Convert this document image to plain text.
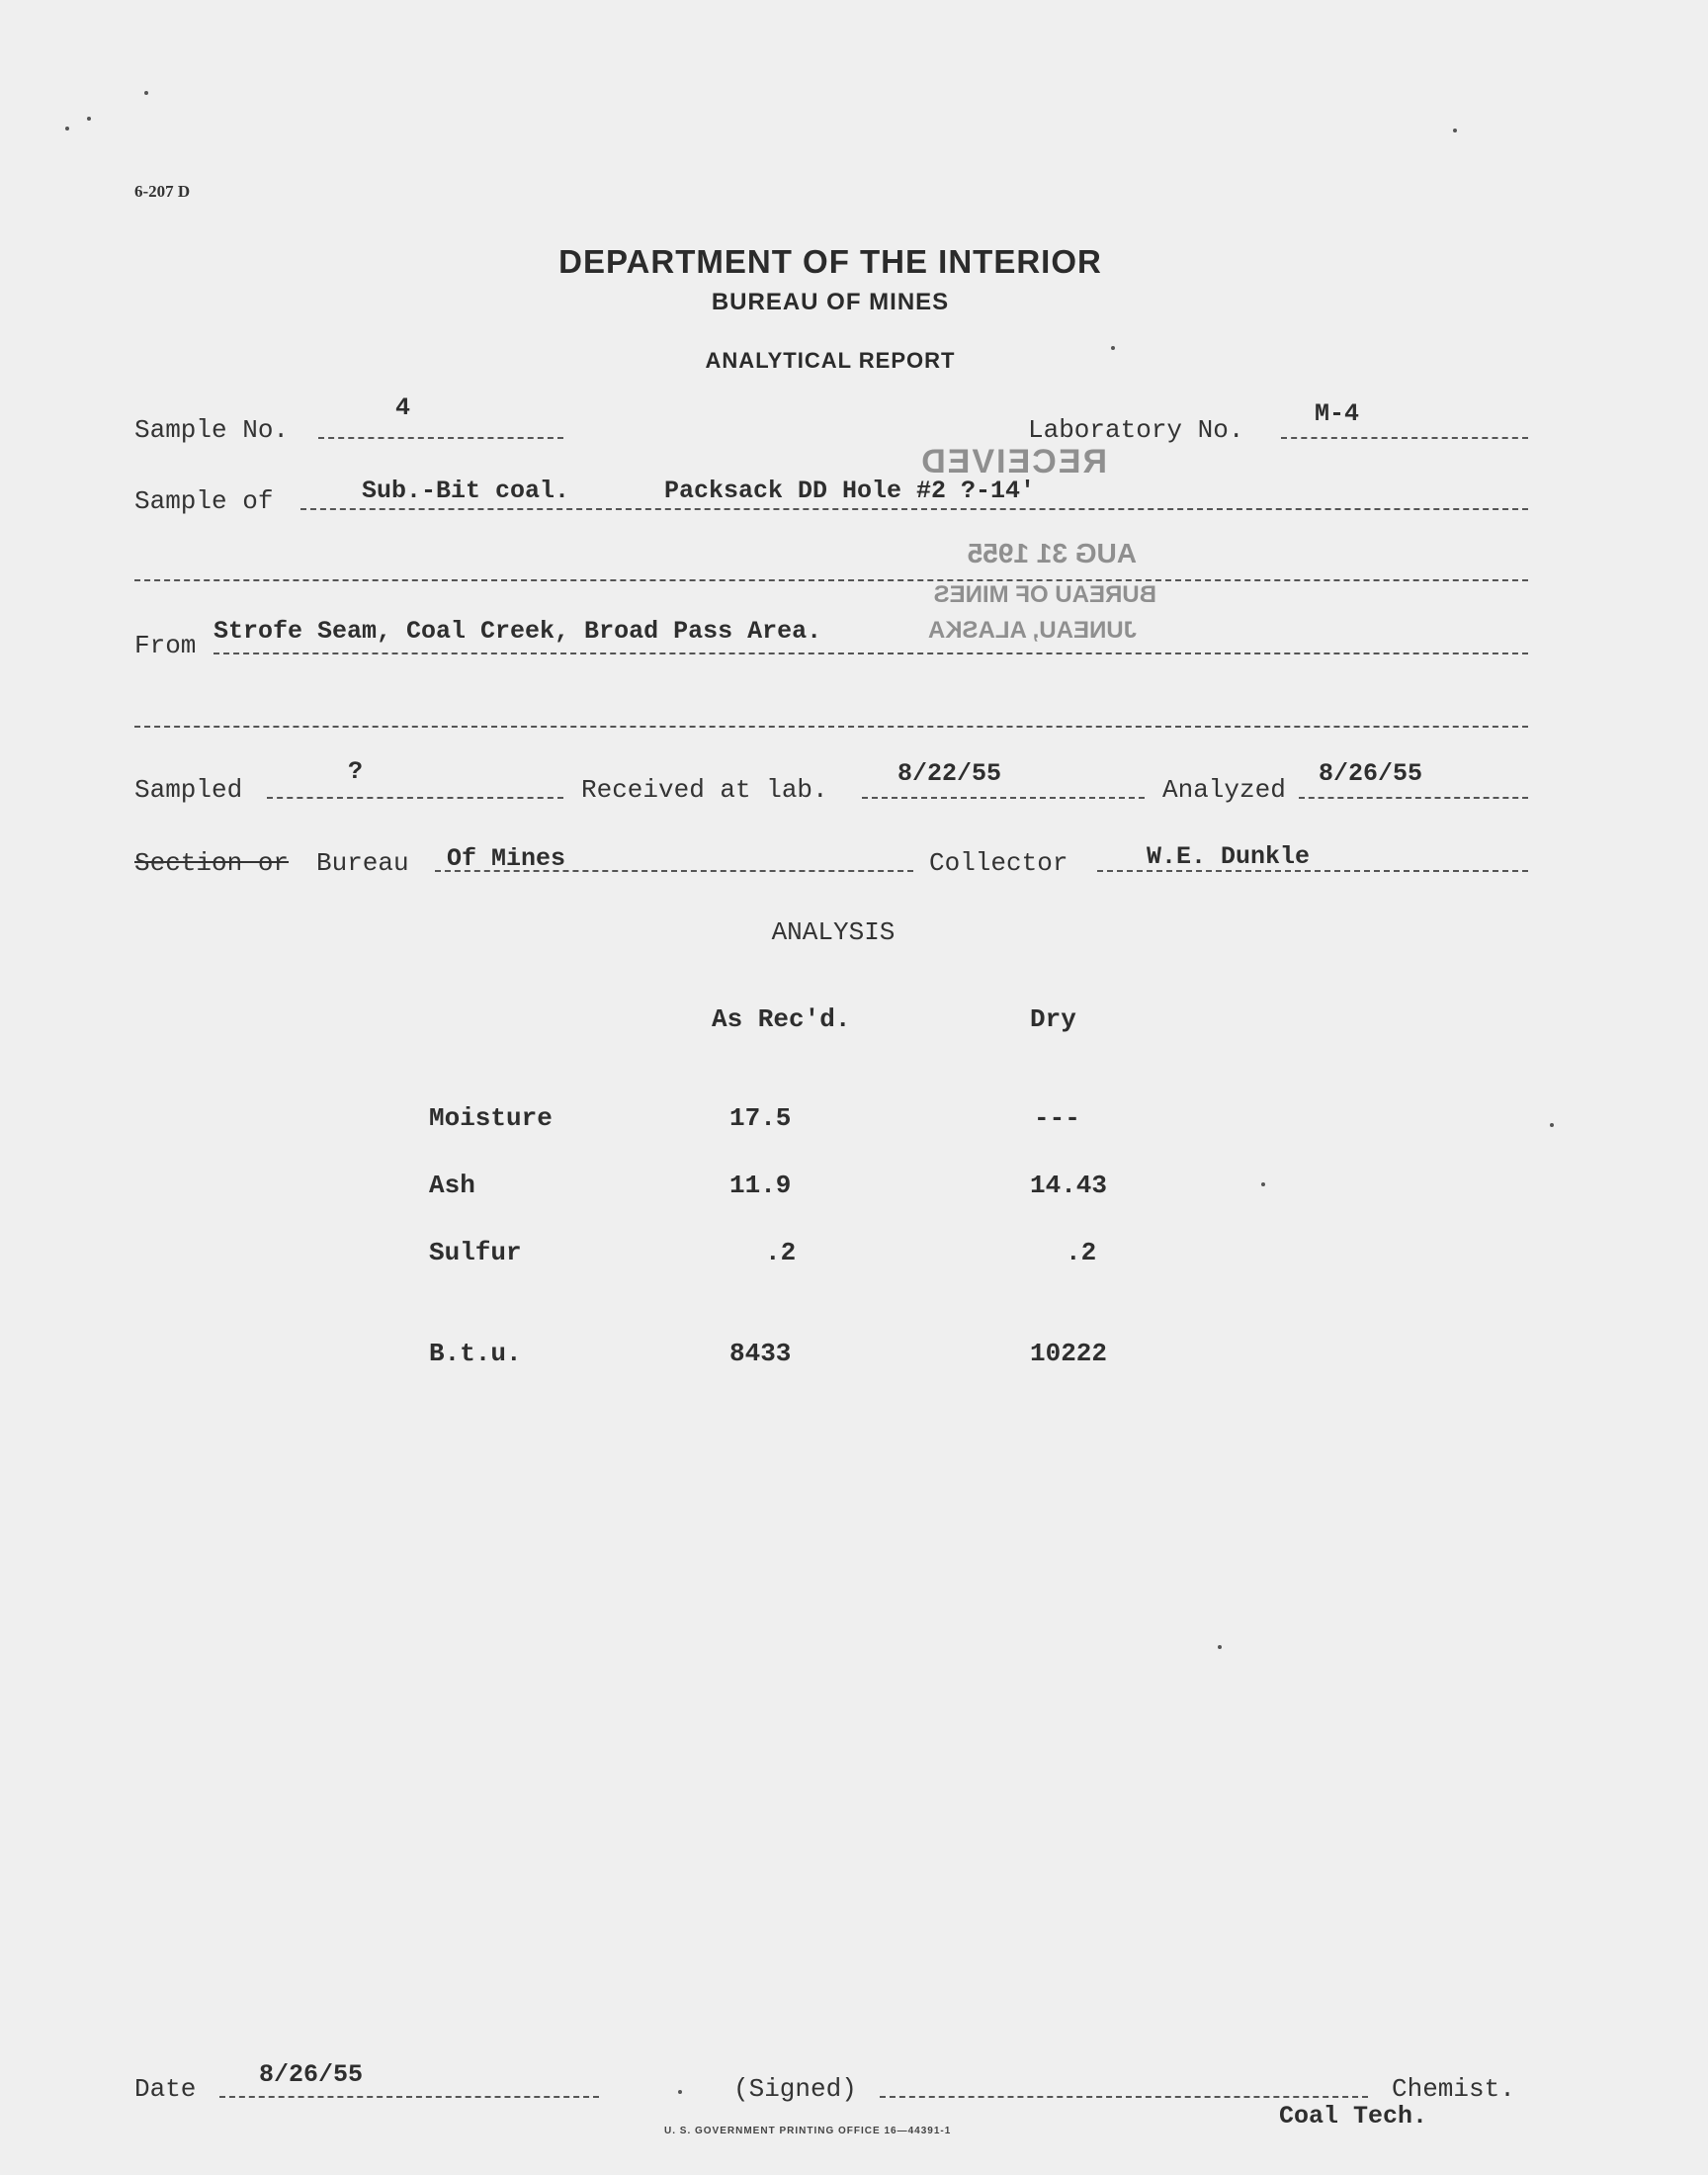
6-207 D
DEPARTMENT OF THE INTERIOR
BUREAU OF MINES
ANALYTICAL REPORT
Sample No.
4
Laboratory No.
M-4
Sample of	Sub.-Bit coal.	Packsack DD Hole #2 ?-14'
From Strofe Seam, Coal Creek, Broad Pass Area.
RECEIVED
AUG 31 1955
BUREAU OF MINES
JUNEAU, ALASKA
Sampled
?
Received at lab.
8/22/55
Analyzed
8/26/55
Section or Bureau Of Mines	Collector	W.E. Dunkle
ANALYSIS
As Rec'd.	Dry
Moisture	17.5	---
Ash	11.9	14.43
Sulfur	.2	.2
B.t.u.	8433	10222
Date	8/26/55	(Signed)	Chemist.
Coal Tech.
U. S. GOVERNMENT PRINTING OFFICE 16—44391-1
